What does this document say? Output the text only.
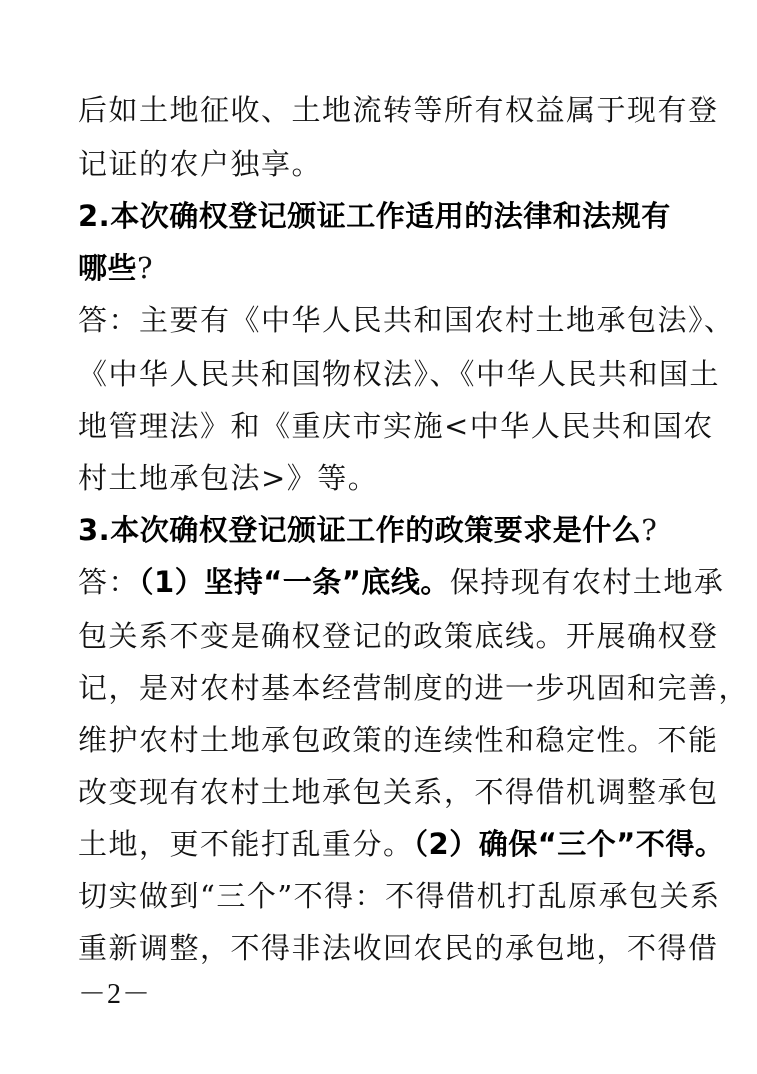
后如土地征收、土地流转等所有权益属于现有登
记证的农户独享。
2.本次确权登记颁证工作适用的法律和法规有
哪些?
答：主要有《中华人民共和国农村土地承包法》、
《中华人民共和国物权法》、《中华人民共和国土
地管理法》和《重庆市实施<中华人民共和国农
村土地承包法>》等。
3.本次确权登记颁证工作的政策要求是什么?
答：（1）坚持“一条”底线。保持现有农村土地承
包关系不变是确权登记的政策底线。开展确权登
记，是对农村基本经营制度的进一步巩固和完善，
维护农村土地承包政策的连续性和稳定性。不能
改变现有农村土地承包关系，不得借机调整承包
土地，更不能打乱重分。（2）确保“三个”不得。
切实做到“三个”不得：不得借机打乱原承包关系
重新调整，不得非法收回农民的承包地，不得借
－2－
